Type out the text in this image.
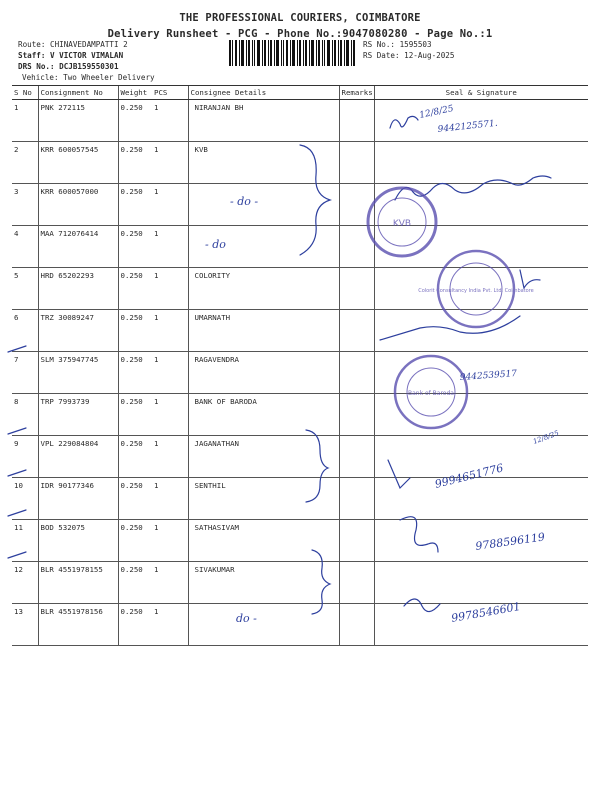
THE PROFESSIONAL COURIERS, COIMBATORE
Delivery Runsheet - PCG - Phone No.:9047080280 - Page No.:1
Route: CHINAVEDAMPATTI 2
Staff: V VICTOR VIMALAN
DRS No.: DCJB159550301
Vehicle: Two Wheeler Delivery
RS No.: 1595503
RS Date: 12-Aug-2025
S No	Consignment No	Weight	PCS	Consignee Details	Remarks	Seal & Signature
1	PNK 272115	0.250	1	NIRANJAN BH		
2	KRR 600057545	0.250	1	KVB		
3	KRR 600057000	0.250	1			
4	MAA 712076414	0.250	1			
5	HRD 65202293	0.250	1	COLORITY		
6	TRZ 30089247	0.250	1	UMARNATH		
7	SLM 375947745	0.250	1	RAGAVENDRA		
8	TRP 7993739	0.250	1	BANK OF BARODA		
9	VPL 229084804	0.250	1	JAGANATHAN		
10	IDR 90177346	0.250	1	SENTHIL		
11	BOD 532075	0.250	1	SATHASIVAM		
12	BLR 4551978155	0.250	1	SIVAKUMAR		
13	BLR 4551978156	0.250	1			
KVB
Colorit Consultancy India Pvt. Ltd. Coimbatore
Bank of Baroda
12/8/25
9442125571.
- do -
- do
9442539517
12/8/25
9994651776
9788596119
do -	9978546601
